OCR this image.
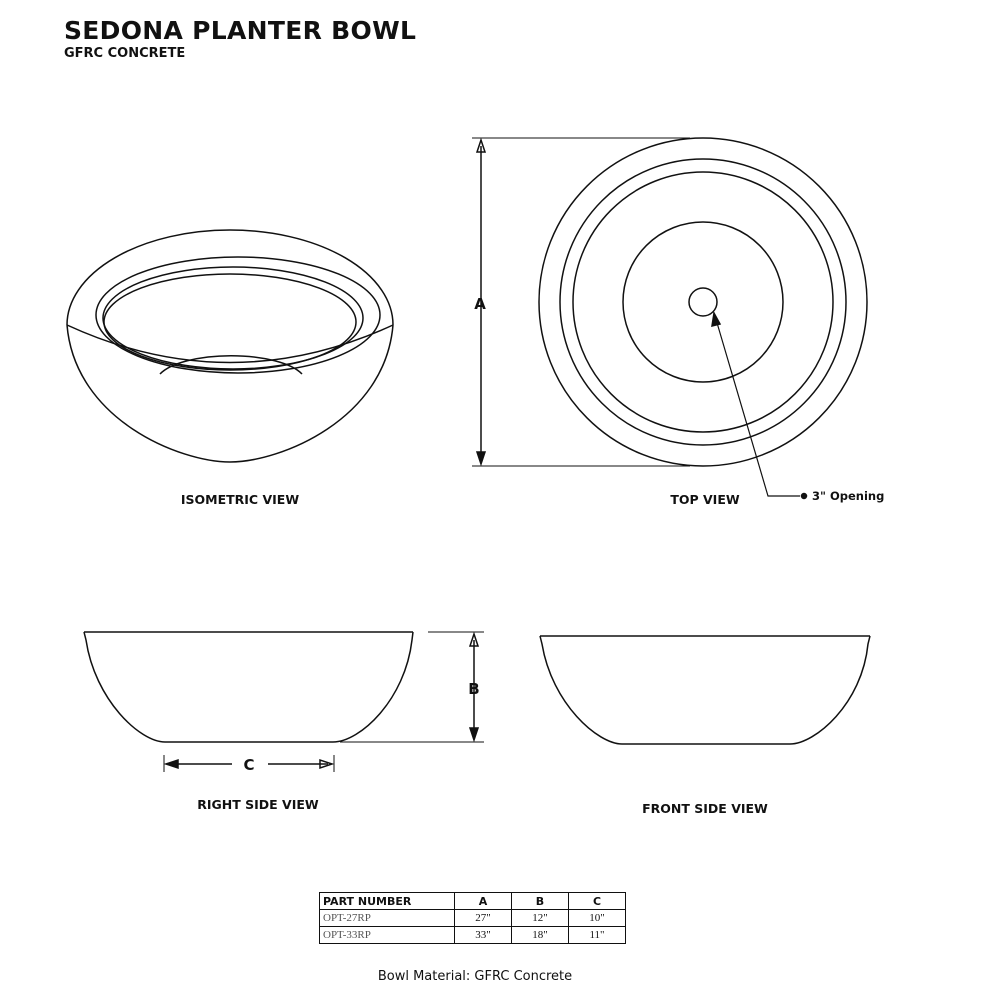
SEDONA PLANTER BOWL
GFRC CONCRETE
ISOMETRIC VIEW
A
3" Opening
TOP VIEW
B
C
RIGHT SIDE VIEW	FRONT SIDE VIEW
PART NUMBER	A	B	C
OPT-27RP	27"	12"	10"
OPT-33RP	33"	18"	11"
Bowl Material: GFRC Concrete
